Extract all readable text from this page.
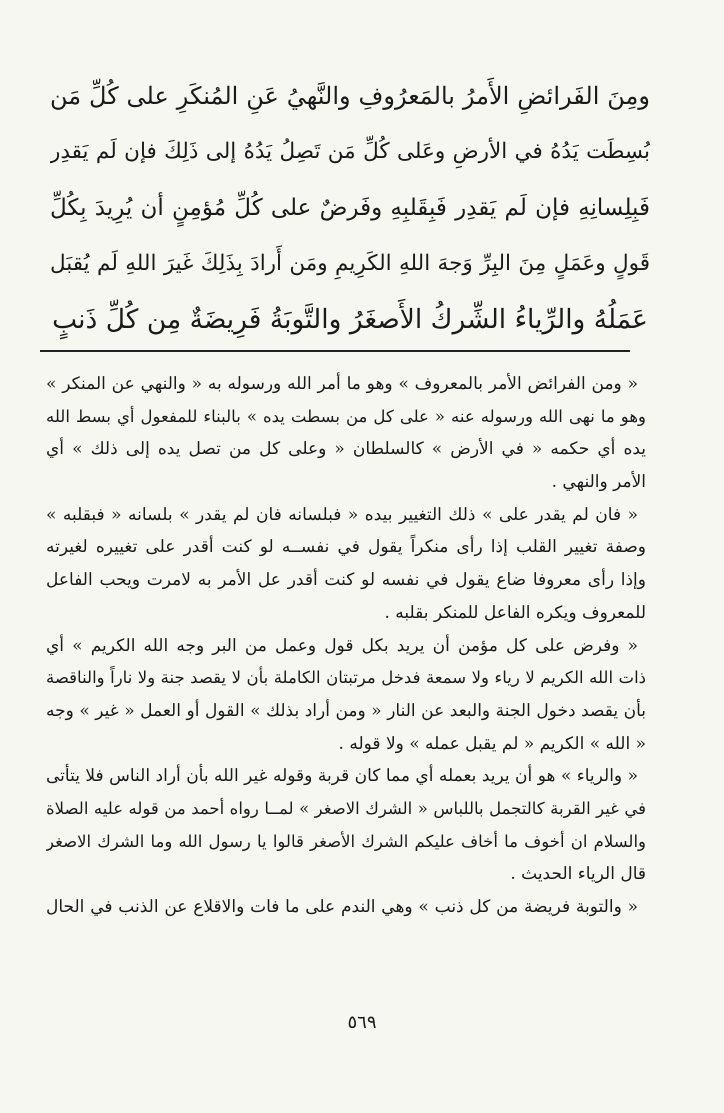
ومِنَ الفَرائضِ الأَمرُ بالمَعرُوفِ والنَّهيُ عَنِ المُنكَرِ على كُلِّ مَن
بُسِطَت يَدُهُ في الأرضِ وعَلى كُلِّ مَن تَصِلُ يَدُهُ إلى ذَلِكَ فإن لَم يَقدِر
فَبِلِسانِهِ فإن لَم يَقدِر فَبِقَلبِهِ وفَرضٌ على كُلِّ مُؤمِنٍ أن يُرِيدَ بِكُلِّ
قَولٍ وعَمَلٍ مِنَ البِرِّ وَجهَ اللهِ الكَرِيمِ ومَن أَرادَ بِذَلِكَ غَيرَ اللهِ لَم يُقبَل
عَمَلُهُ والرِّياءُ الشِّركُ الأَصغَرُ والتَّوبَةُ فَرِيضَةٌ مِن كُلِّ ذَنبٍ
« ومن الفرائض الأمر بالمعروف » وهو ما أمر الله ورسوله به « والنهي عن المنكر »
وهو ما نهى الله ورسوله عنه « على كل من بسطت يده » بالبناء للمفعول أي بسط الله
يده أي حكمه « في الأرض » كالسلطان « وعلى كل من تصل يده إلى ذلك » أي
الأمر والنهي .
« فان لم يقدر على » ذلك التغيير بيده « فبلسانه فان لم يقدر » بلسانه « فبقلبه »
وصفة تغيير القلب إذا رأى منكراً يقول في نفســه لو كنت أقدر على تغييره لغيرته
وإذا رأى معروفا ضاع يقول في نفسه لو كنت أقدر عل الأمر به لامرت ويحب الفاعل
للمعروف ويكره الفاعل للمنكر بقلبه .
« وفرض على كل مؤمن أن يريد بكل قول وعمل من البر وجه الله الكريم » أي
ذات الله الكريم لا رياء ولا سمعة فدخل مرتبتان الكاملة بأن لا يقصد جنة ولا ناراً والناقصة
بأن يقصد دخول الجنة والبعد عن النار « ومن أراد بذلك » القول أو العمل « غير » وجه
« الله » الكريم « لم يقبل عمله » ولا قوله .
« والرياء » هو أن يريد بعمله أي مما كان قربة وقوله غير الله بأن أراد الناس فلا يتأتى
في غير القربة كالتجمل باللباس « الشرك الاصغر » لمــا رواه أحمد من قوله عليه الصلاة
والسلام ان أخوف ما أخاف عليكم الشرك الأصغر قالوا يا رسول الله وما الشرك الاصغر
قال الرياء الحديث .
« والتوبة فريضة من كل ذنب » وهي الندم على ما فات والاقلاع عن الذنب في الحال
٥٦٩
